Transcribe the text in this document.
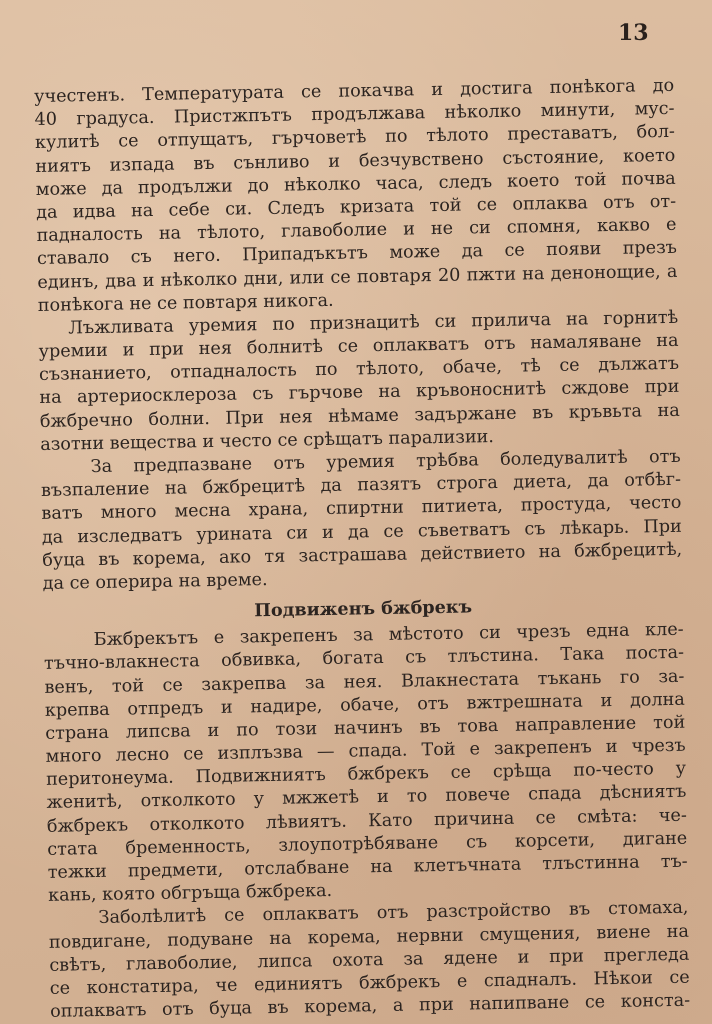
13
учестенъ. Температурата се покачва и достига понѣкога до
40 градуса. Пристжпътъ продължава нѣколко минути, мус-
кулитѣ се отпущатъ, гърчоветѣ по тѣлото преставатъ, бол-
ниятъ изпада въ сънливо и безчувствено състояние, което
може да продължи до нѣколко часа, следъ което той почва
да идва на себе си. Следъ кризата той се оплаква отъ от-
падналость на тѣлото, главоболие и не си спомня, какво е
ставало съ него. Припадъкътъ може да се появи презъ
единъ, два и нѣколко дни, или се повтаря 20 пжти на денонощие, а понѣкога не се повтаря никога.
Лъжливата уремия по признацитѣ си прилича на горнитѣ
уремии и при нея болнитѣ се оплакватъ отъ намаляване на
съзнанието, отпадналость по тѣлото, обаче, тѣ се дължатъ
на артериосклероза съ гърчове на кръвоноснитѣ сждове при
бжбречно болни. При нея нѣмаме задържане въ кръвьта на
азотни вещества и често се срѣщатъ парализии.
За предпазване отъ уремия трѣбва боледувалитѣ отъ
възпаление на бжбрецитѣ да пазятъ строга диета, да отбѣг-
ватъ много месна храна, спиртни питиета, простуда, често
да изследватъ урината си и да се съветватъ съ лѣкарь. При
буца въ корема, ако тя застрашава действието на бжбрецитѣ,
да се оперира на време.
Подвиженъ бжбрекъ
Бжбрекътъ е закрепенъ за мѣстото си чрезъ една кле-
тъчно-влакнеста обвивка, богата съ тлъстина. Така поста-
венъ, той се закрепва за нея. Влакнестата тъкань го за-
крепва отпредъ и надире, обаче, отъ вжтрешната и долна
страна липсва и по този начинъ въ това направление той
много лесно се изплъзва — спада. Той е закрепенъ и чрезъ
перитонеума. Подвижниятъ бжбрекъ се срѣща по-често у
женитѣ, отколкото у мжжетѣ и то повече спада дѣсниятъ
бжбрекъ отколкото лѣвиятъ. Като причина се смѣта: че-
стата бременность, злоупотрѣбяване съ корсети, дигане
тежки предмети, отслабване на клетъчната тлъстинна тъ-
кань, която обгръща бжбрека.
Заболѣлитѣ се оплакватъ отъ разстройство въ стомаха,
повдигане, подуване на корема, нервни смущения, виене на
свѣтъ, главоболие, липса охота за ядене и при прегледа
се констатира, че единиятъ бжбрекъ е спадналъ. Нѣкои се
оплакватъ отъ буца въ корема, а при напипване се конста-
